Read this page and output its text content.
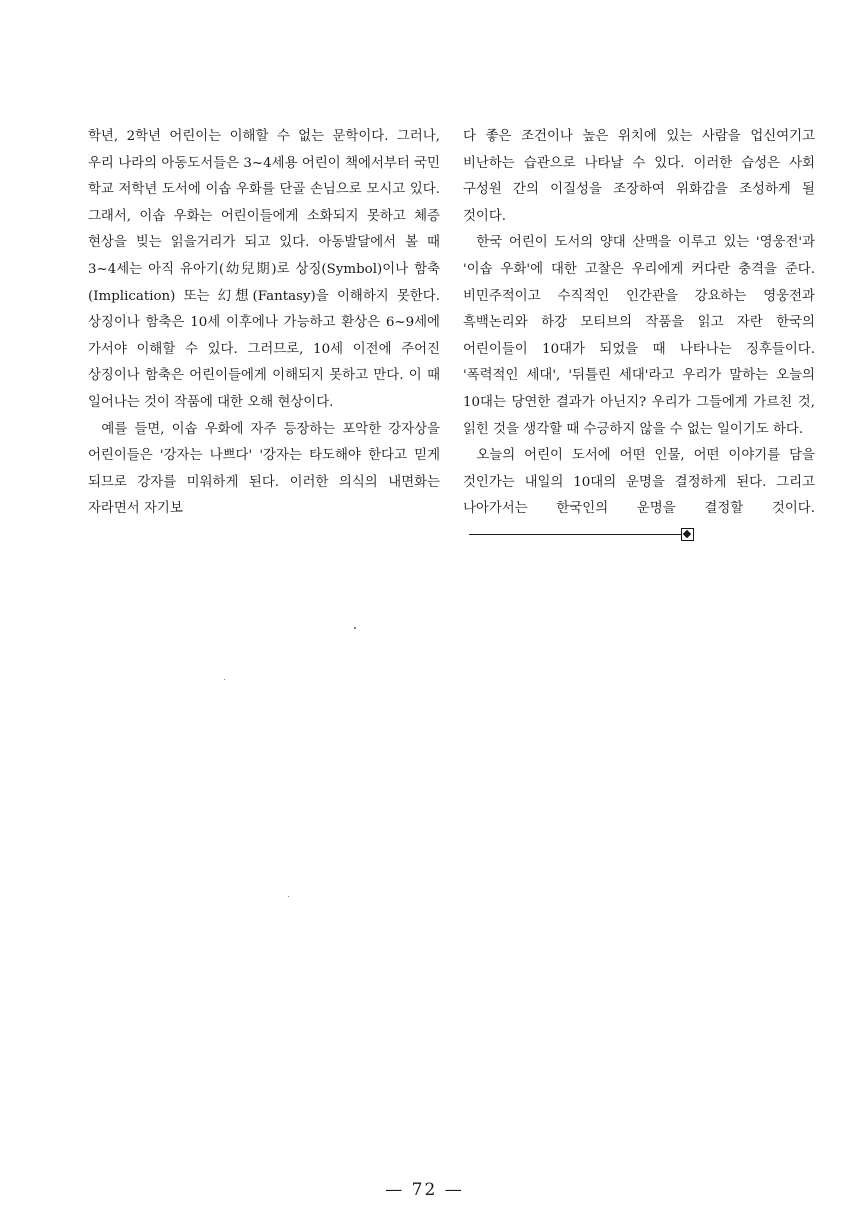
학년, 2학년 어린이는 이해할 수 없는 문학이다. 그러나, 우리 나라의 아동도서들은 3~4세용 어린이 책에서부터 국민 학교 저학년 도서에 이솝 우화를 단골 손님으로 모시고 있다. 그래서, 이솝 우화는 어린이들에게 소화되지 못하고 체증 현상을 빚는 읽을거리가 되고 있다. 아동발달에서 볼 때 3~4세는 아직 유아기(幼兒期)로 상징(Symbol)이나 함축(Implication) 또는 幻想(Fantasy)을 이해하지 못한다. 상징이나 함축은 10세 이후에나 가능하고 환상은 6~9세에 가서야 이해할 수 있다. 그러므로, 10세 이전에 주어진 상징이나 함축은 어린이들에게 이해되지 못하고 만다. 이 때 일어나는 것이 작품에 대한 오해 현상이다.

예를 들면, 이솝 우화에 자주 등장하는 포악한 강자상을 어린이들은 '강자는 나쁘다' '강자는 타도해야 한다고 믿게 되므로 강자를 미워하게 된다. 이러한 의식의 내면화는 자라면서 자기보

다 좋은 조건이나 높은 위치에 있는 사람을 업신여기고 비난하는 습관으로 나타날 수 있다. 이러한 습성은 사회 구성원 간의 이질성을 조장하여 위화감을 조성하게 될 것이다.

한국 어린이 도서의 양대 산맥을 이루고 있는 '영웅전'과 '이솝 우화'에 대한 고찰은 우리에게 커다란 충격을 준다. 비민주적이고 수직적인 인간관을 강요하는 영웅전과 흑백논리와 하강 모티브의 작품을 읽고 자란 한국의 어린이들이 10대가 되었을 때 나타나는 징후들이다. '폭력적인 세대', '뒤틀린 세대'라고 우리가 말하는 오늘의 10대는 당연한 결과가 아닌지? 우리가 그들에게 가르친 것, 읽힌 것을 생각할 때 수긍하지 않을 수 없는 일이기도 하다.

오늘의 어린이 도서에 어떤 인물, 어떤 이야기를 담을 것인가는 내일의 10대의 운명을 결정하게 된다. 그리고 나아가서는 한국인의 운명을 결정할 것이다.

— 72 —
